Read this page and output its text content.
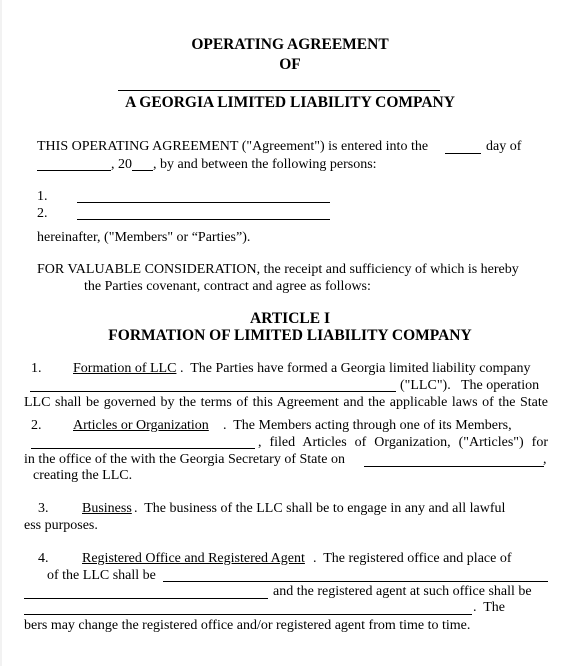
OPERATING AGREEMENT
OF
A GEORGIA LIMITED LIABILITY COMPANY
THIS OPERATING AGREEMENT ("Agreement") is entered into the	day of
, 20 , by and between the following persons:
1.
2.
hereinafter, ("Members" or “Parties”).
FOR VALUABLE CONSIDERATION, the receipt and sufficiency of which is hereby
the Parties covenant, contract and agree as follows:
ARTICLE I
FORMATION OF LIMITED LIABILITY COMPANY
1. Formation of LLC .  The Parties have formed a Georgia limited liability company
("LLC").   The operation
LLC shall be governed by the terms of this Agreement and the applicable laws of the State
2. Articles or Organization .  The Members acting through one of its Members,
, filed Articles of Organization, ("Articles") for
in the office of the with the Georgia Secretary of State on	,
creating the LLC.
3. Business .  The business of the LLC shall be to engage in any and all lawful
ess purposes.
4. Registered Office and Registered Agent .  The registered office and place of
of the LLC shall be
and the registered agent at such office shall be
.  The
bers may change the registered office and/or registered agent from time to time.
